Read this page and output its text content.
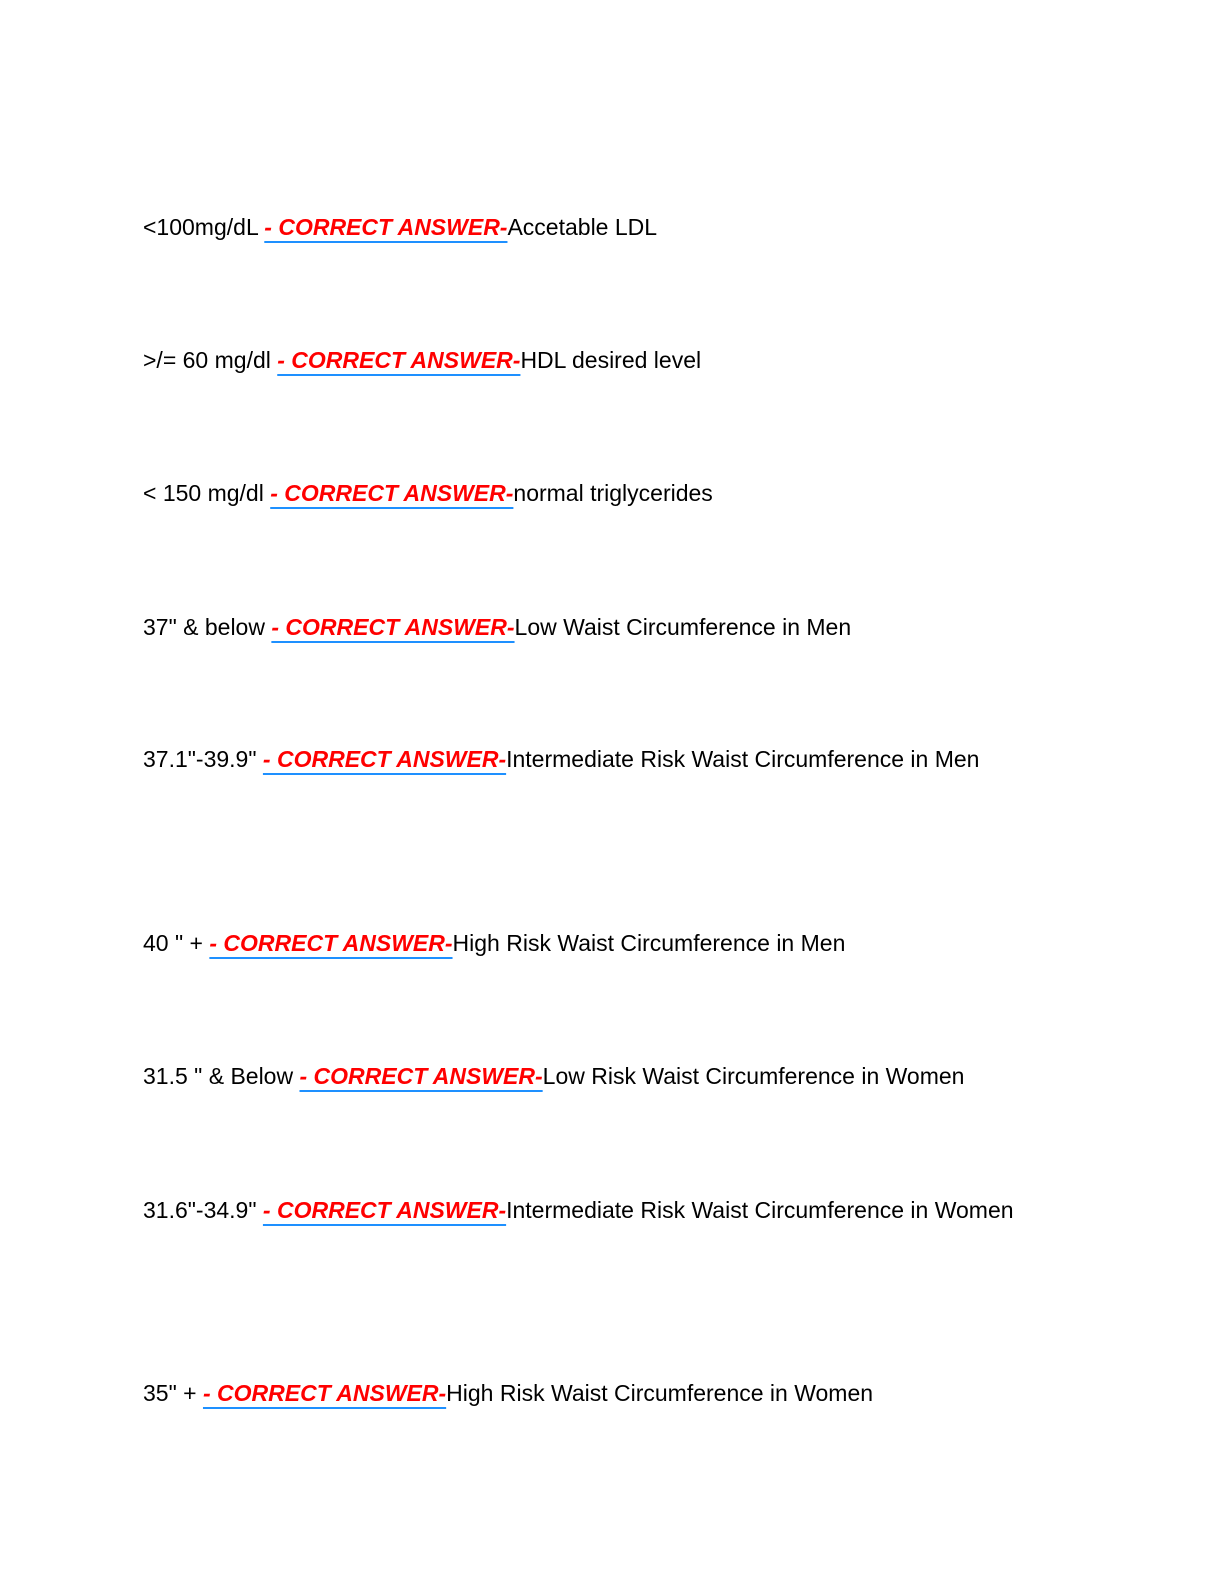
<100mg/dL - CORRECT ANSWER-Accetable LDL
>/= 60 mg/dl - CORRECT ANSWER-HDL desired level
< 150 mg/dl - CORRECT ANSWER-normal triglycerides
37" & below - CORRECT ANSWER-Low Waist Circumference in Men
37.1"-39.9" - CORRECT ANSWER-Intermediate Risk Waist Circumference in Men
40 " + - CORRECT ANSWER-High Risk Waist Circumference in Men
31.5 " & Below - CORRECT ANSWER-Low Risk Waist Circumference in Women
31.6"-34.9" - CORRECT ANSWER-Intermediate Risk Waist Circumference in Women
35" + - CORRECT ANSWER-High Risk Waist Circumference in Women
